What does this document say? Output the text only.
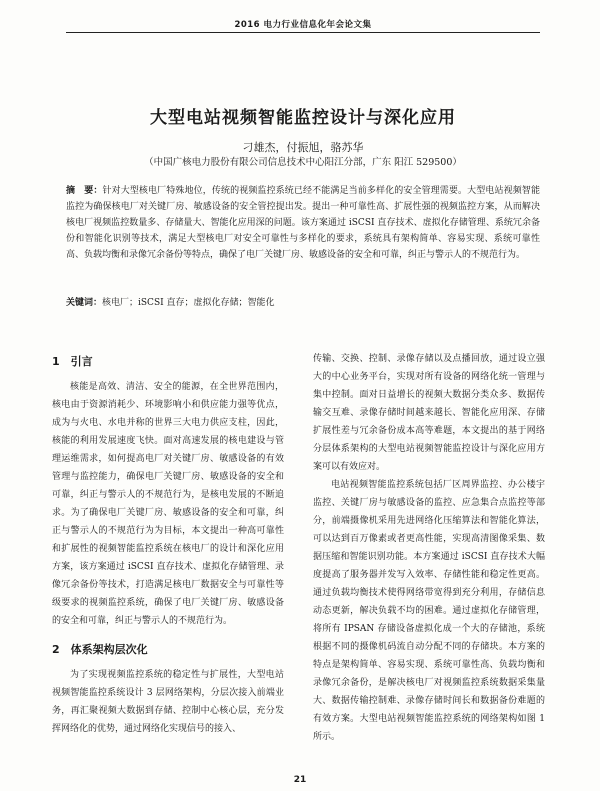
2016 电力行业信息化年会论文集
大型电站视频智能监控设计与深化应用
刁雄杰，付振旭，骆苏华
（中国广核电力股份有限公司信息技术中心阳江分部，广东 阳江 529500）
摘　要：针对大型核电厂特殊地位，传统的视频监控系统已经不能满足当前多样化的安全管理需要。大型电站视频智能监控为确保核电厂对关键厂房、敏感设备的安全管控提出发。提出一种可靠性高、扩展性强的视频监控方案，从而解决核电厂视频监控数量多、存储量大、智能化应用深的问题。该方案通过 iSCSI 直存技术、虚拟化存储管理、系统冗余备份和智能化识别等技术，满足大型核电厂对安全可靠性与多样化的要求，系统具有架构简单、容易实现、系统可靠性高、负载均衡和录像冗余备份等特点，确保了电厂关键厂房、敏感设备的安全和可靠，纠正与警示人的不规范行为。
关键词：核电厂；iSCSI 直存；虚拟化存储；智能化
1　引言

核能是高效、清洁、安全的能源，在全世界范围内，核电由于资源消耗少、环境影响小和供应能力强等优点，成为与火电、水电并称的世界三大电力供应支柱，因此，核能的利用发展速度飞快。面对高速发展的核电建设与管理运维需求，如何提高电厂对关键厂房、敏感设备的有效管理与监控能力，确保电厂关键厂房、敏感设备的安全和可靠，纠正与警示人的不规范行为，是核电发展的不断追求。为了确保电厂关键厂房、敏感设备的安全和可靠，纠正与警示人的不规范行为为目标，本文提出一种高可靠性和扩展性的视频智能监控系统在核电厂的设计和深化应用方案，该方案通过 iSCSI 直存技术、虚拟化存储管理、录像冗余备份等技术，打造满足核电厂数据安全与可靠性等级要求的视频监控系统，确保了电厂关键厂房、敏感设备的安全和可靠，纠正与警示人的不规范行为。

2　体系架构层次化

为了实现视频监控系统的稳定性与扩展性，大型电站视频智能监控系统设计 3 层网络架构，分层次接入前端业务，再汇聚视频大数据到存储、控制中心核心层，充分发挥网络化的优势，通过网络化实现信号的接入、

传输、交换、控制、录像存储以及点播回放，通过设立强大的中心业务平台，实现对所有设备的网络化统一管理与集中控制。面对日益增长的视频大数据分类众多、数据传输交互难、录像存储时间越来越长、智能化应用深、存储扩展性差与冗余备份成本高等难题，本文提出的基于网络分层体系架构的大型电站视频智能监控设计与深化应用方案可以有效应对。

电站视频智能监控系统包括厂区周界监控、办公楼宇监控、关键厂房与敏感设备的监控、应急集合点监控等部分，前端摄像机采用先进网络化压缩算法和智能化算法，可以达到百万像素或者更高性能，实现高清图像采集、数据压缩和智能识别功能。本方案通过 iSCSI 直存技术大幅度提高了服务器并发写入效率、存储性能和稳定性更高。通过负载均衡技术使得网络带宽得到充分利用，存储信息动态更新，解决负载不均的困难。通过虚拟化存储管理，将所有 IPSAN 存储设备虚拟化成一个大的存储池，系统根据不同的摄像机码流自动分配不同的存储块。本方案的特点是架构简单、容易实现、系统可靠性高、负载均衡和录像冗余备份，是解决核电厂对视频监控系统数据采集量大、数据传输控制难、录像存储时间长和数据备份难题的有效方案。大型电站视频智能监控系统的网络架构如图 1 所示。

21
